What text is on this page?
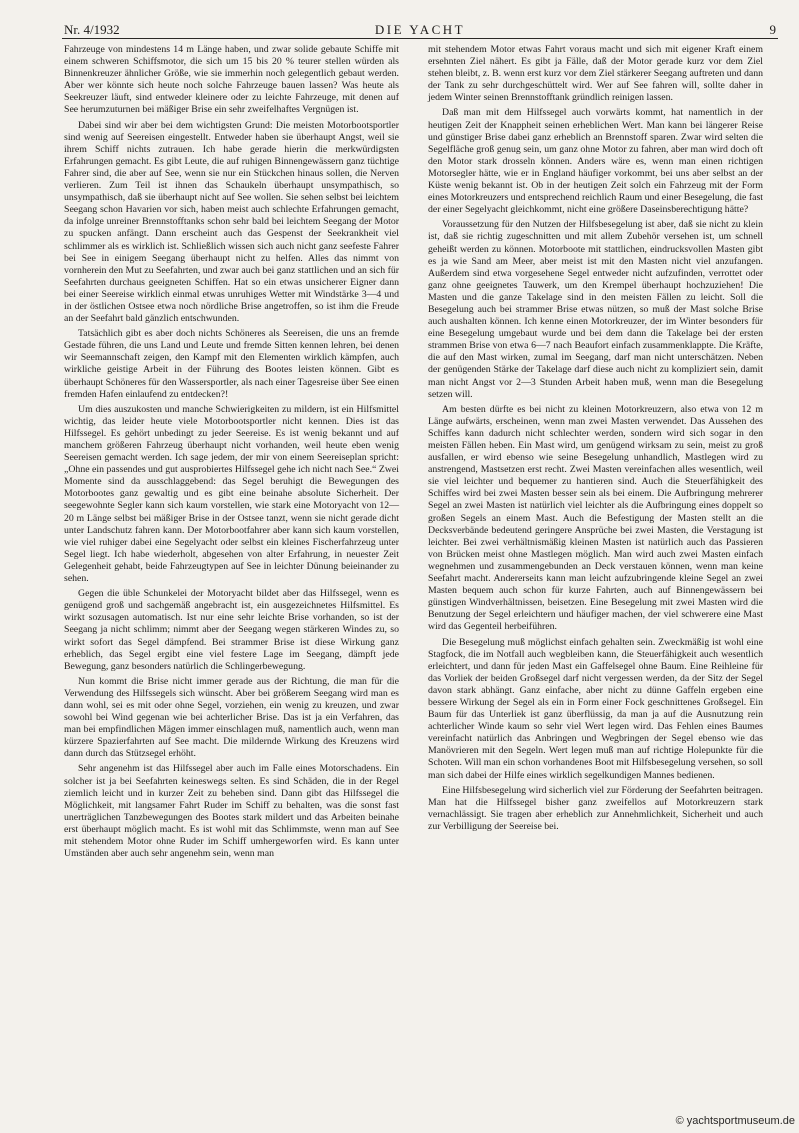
Nr. 4/1932	DIE YACHT	9

Fahrzeuge von mindestens 14 m Länge haben, und zwar solide gebaute Schiffe mit einem schweren Schiffsmotor, die sich um 15 bis 20 % teurer stellen würden als Binnenkreuzer ähnlicher Größe, wie sie immerhin noch gelegentlich gebaut werden. Aber wer könnte sich heute noch solche Fahrzeuge bauen lassen? Was heute als Seekreuzer läuft, sind entweder kleinere oder zu leichte Fahrzeuge, mit denen auf See herumzuturnen bei mäßiger Brise ein sehr zweifelhaftes Vergnügen ist.

Dabei sind wir aber bei dem wichtigsten Grund: Die meisten Motorbootsportler sind wenig auf Seereisen eingestellt. Entweder haben sie überhaupt Angst, weil sie ihrem Schiff nichts zutrauen. Ich habe gerade hierin die merkwürdigsten Erfahrungen gemacht. Es gibt Leute, die auf ruhigen Binnengewässern ganz tüchtige Fahrer sind, die aber auf See, wenn sie nur ein Stückchen hinaus sollen, die Nerven verlieren. Zum Teil ist ihnen das Schaukeln überhaupt unsympathisch, so unsympathisch, daß sie überhaupt nicht auf See wollen. Sie sehen selbst bei leichtem Seegang schon Havarien vor sich, haben meist auch schlechte Erfahrungen gemacht, da infolge unreiner Brennstofftanks schon sehr bald bei leichtem Seegang der Motor zu spucken anfängt. Dann erscheint auch das Gespenst der Seekrankheit viel schlimmer als es wirklich ist. Schließlich wissen sich auch nicht ganz seefeste Fahrer bei See in einigem Seegang überhaupt nicht zu helfen. Alles das nimmt von vornherein den Mut zu Seefahrten, und zwar auch bei ganz stattlichen und an sich für Seefahrten durchaus geeigneten Schiffen. Hat so ein etwas unsicherer Eigner dann bei einer Seereise wirklich einmal etwas unruhiges Wetter mit Windstärke 3—4 und in der östlichen Ostsee etwa noch nördliche Brise angetroffen, so ist ihm die Freude an der Seefahrt bald gänzlich entschwunden.

Tatsächlich gibt es aber doch nichts Schöneres als Seereisen, die uns an fremde Gestade führen, die uns Land und Leute und fremde Sitten kennen lehren, bei denen wir Seemannschaft zeigen, den Kampf mit den Elementen wirklich kämpfen, auch wirkliche geistige Arbeit in der Führung des Bootes leisten können. Gibt es überhaupt Schöneres für den Wassersportler, als nach einer Tagesreise über See einen fremden Hafen einlaufend zu entdecken?!

Um dies auszukosten und manche Schwierigkeiten zu mildern, ist ein Hilfsmittel wichtig, das leider heute viele Motorbootsportler nicht kennen. Dies ist das Hilfssegel. Es gehört unbedingt zu jeder Seereise. Es ist wenig bekannt und auf manchem größeren Fahrzeug überhaupt nicht vorhanden, weil heute eben wenig Seereisen gemacht werden. Ich sage jedem, der mir von einem Seereiseplan spricht: „Ohne ein passendes und gut ausprobiertes Hilfssegel gehe ich nicht nach See.“ Zwei Momente sind da ausschlaggebend: das Segel beruhigt die Bewegungen des Motorbootes ganz gewaltig und es gibt eine beinahe absolute Sicherheit. Der seegewohnte Segler kann sich kaum vorstellen, wie stark eine Motoryacht von 12—20 m Länge selbst bei mäßiger Brise in der Ostsee tanzt, wenn sie nicht gerade dicht unter Landschutz fahren kann. Der Motorbootfahrer aber kann sich kaum vorstellen, wie viel ruhiger dabei eine Segelyacht oder selbst ein kleines Fischerfahrzeug unter Segel liegt. Ich habe wiederholt, abgesehen von alter Erfahrung, in neuester Zeit Gelegenheit gehabt, beide Fahrzeugtypen auf See in leichter Dünung beieinander zu sehen.

Gegen die üble Schunkelei der Motoryacht bildet aber das Hilfssegel, wenn es genügend groß und sachgemäß angebracht ist, ein ausgezeichnetes Hilfsmittel. Es wirkt sozusagen automatisch. Ist nur eine sehr leichte Brise vorhanden, so ist der Seegang ja nicht schlimm; nimmt aber der Seegang wegen stärkeren Windes zu, so wirkt sofort das Segel dämpfend. Bei strammer Brise ist diese Wirkung ganz erheblich, das Segel ergibt eine viel festere Lage im Seegang, dämpft jede Bewegung, ganz besonders natürlich die Schlingerbewegung.

Nun kommt die Brise nicht immer gerade aus der Richtung, die man für die Verwendung des Hilfssegels sich wünscht. Aber bei größerem Seegang wird man es dann wohl, sei es mit oder ohne Segel, vorziehen, ein wenig zu kreuzen, und zwar sowohl bei Wind gegenan wie bei achterlicher Brise. Das ist ja ein Verfahren, das man bei empfindlichen Mägen immer einschlagen muß, namentlich auch, wenn man kürzere Spazierfahrten auf See macht. Die mildernde Wirkung des Kreuzens wird dann durch das Stützsegel erhöht.

Sehr angenehm ist das Hilfssegel aber auch im Falle eines Motorschadens. Ein solcher ist ja bei Seefahrten keineswegs selten. Es sind Schäden, die in der Regel ziemlich leicht und in kurzer Zeit zu beheben sind. Dann gibt das Hilfssegel die Möglichkeit, mit langsamer Fahrt Ruder im Schiff zu behalten, was die sonst fast unerträglichen Tanzbewegungen des Bootes stark mildert und das Arbeiten beinahe erst überhaupt möglich macht. Es ist wohl mit das Schlimmste, wenn man auf See mit stehendem Motor ohne Ruder im Schiff umhergeworfen wird. Es kann unter Umständen aber auch sehr angenehm sein, wenn man

mit stehendem Motor etwas Fahrt voraus macht und sich mit eigener Kraft einem ersehnten Ziel nähert. Es gibt ja Fälle, daß der Motor gerade kurz vor dem Ziel stehen bleibt, z. B. wenn erst kurz vor dem Ziel stärkerer Seegang auftreten und dann der Tank zu sehr durchgeschüttelt wird. Wer auf See fahren will, sollte daher in jedem Winter seinen Brennstofftank gründlich reinigen lassen.

Daß man mit dem Hilfssegel auch vorwärts kommt, hat namentlich in der heutigen Zeit der Knappheit seinen erheblichen Wert. Man kann bei längerer Reise und günstiger Brise dabei ganz erheblich an Brennstoff sparen. Zwar wird selten die Segelfläche groß genug sein, um ganz ohne Motor zu fahren, aber man wird doch oft den Motor stark drosseln können. Anders wäre es, wenn man einen richtigen Motorsegler hätte, wie er in England häufiger vorkommt, bei uns aber selbst an der Küste wenig bekannt ist. Ob in der heutigen Zeit solch ein Fahrzeug mit der Form eines Motorkreuzers und entsprechend reichlich Raum und einer Besegelung, die fast der einer Segelyacht gleichkommt, nicht eine größere Daseinsberechtigung hätte?

Voraussetzung für den Nutzen der Hilfsbesegelung ist aber, daß sie nicht zu klein ist, daß sie richtig zugeschnitten und mit allem Zubehör versehen ist, um schnell geheißt werden zu können. Motorboote mit stattlichen, eindrucksvollen Masten gibt es ja wie Sand am Meer, aber meist ist mit den Masten nicht viel anzufangen. Außerdem sind etwa vorgesehene Segel entweder nicht aufzufinden, verrottet oder ganz ohne geeignetes Tauwerk, um den Krempel überhaupt hochzuziehen! Die Masten und die ganze Takelage sind in den meisten Fällen zu leicht. Soll die Besegelung auch bei strammer Brise etwas nützen, so muß der Mast solche Brise auch aushalten können. Ich kenne einen Motorkreuzer, der im Winter besonders für eine Besegelung umgebaut wurde und bei dem dann die Takelage bei der ersten strammen Brise von etwa 6—7 nach Beaufort einfach zusammenklappte. Die Kräfte, die auf den Mast wirken, zumal im Seegang, darf man nicht unterschätzen. Neben der genügenden Stärke der Takelage darf diese auch nicht zu kompliziert sein, damit man nicht Angst vor 2—3 Stunden Arbeit haben muß, wenn man die Besegelung setzen will.

Am besten dürfte es bei nicht zu kleinen Motorkreuzern, also etwa von 12 m Länge aufwärts, erscheinen, wenn man zwei Masten verwendet. Das Aussehen des Schiffes kann dadurch nicht schlechter werden, sondern wird sich sogar in den meisten Fällen heben. Ein Mast wird, um genügend wirksam zu sein, meist zu groß ausfallen, er wird ebenso wie seine Besegelung unhandlich, Mastlegen wird zu anstrengend, Mastsetzen erst recht. Zwei Masten vereinfachen alles wesentlich, weil sie viel leichter und bequemer zu hantieren sind. Auch die Steuerfähigkeit des Schiffes wird bei zwei Masten besser sein als bei einem. Die Aufbringung mehrerer Segel an zwei Masten ist natürlich viel leichter als die Aufbringung eines doppelt so großen Segels an einem Mast. Auch die Befestigung der Masten stellt an die Decksverbände bedeutend geringere Ansprüche bei zwei Masten, die Verstagung ist leichter. Bei zwei verhältnismäßig kleinen Masten ist natürlich auch das Passieren von Brücken meist ohne Mastlegen möglich. Man wird auch zwei Masten einfach wegnehmen und zusammengebunden an Deck verstauen können, wenn man keine Seefahrt macht. Andererseits kann man leicht aufzubringende kleine Segel an zwei Masten bequem auch schon für kurze Fahrten, auch auf Binnengewässern bei günstigen Windverhältnissen, beisetzen. Eine Besegelung mit zwei Masten wird die Benutzung der Segel erleichtern und häufiger machen, der viel schwerere eine Mast wird das Gegenteil herbeiführen.

Die Besegelung muß möglichst einfach gehalten sein. Zweckmäßig ist wohl eine Stagfock, die im Notfall auch wegbleiben kann, die Steuerfähigkeit auch wesentlich erleichtert, und dann für jeden Mast ein Gaffelsegel ohne Baum. Eine Reihleine für das Vorliek der beiden Großsegel darf nicht vergessen werden, da der Sitz der Segel davon stark abhängt. Ganz einfache, aber nicht zu dünne Gaffeln ergeben eine bessere Wirkung der Segel als ein in Form einer Fock geschnittenes Großsegel. Ein Baum für das Unterliek ist ganz überflüssig, da man ja auf die Ausnutzung rein achterlicher Winde kaum so sehr viel Wert legen wird. Das Fehlen eines Baumes vereinfacht natürlich das Anbringen und Wegbringen der Segel ebenso wie das Manövrieren mit den Segeln. Wert legen muß man auf richtige Holepunkte für die Schoten. Will man ein schon vorhandenes Boot mit Hilfsbesegelung versehen, so soll man sich dabei der Hilfe eines wirklich segelkundigen Mannes bedienen.

Eine Hilfsbesegelung wird sicherlich viel zur Förderung der Seefahrten beitragen. Man hat die Hilfssegel bisher ganz zweifellos auf Motorkreuzern stark vernachlässigt. Sie tragen aber erheblich zur Annehmlichkeit, Sicherheit und auch zur Verbilligung der Seereise bei.

© yachtsportmuseum.de
